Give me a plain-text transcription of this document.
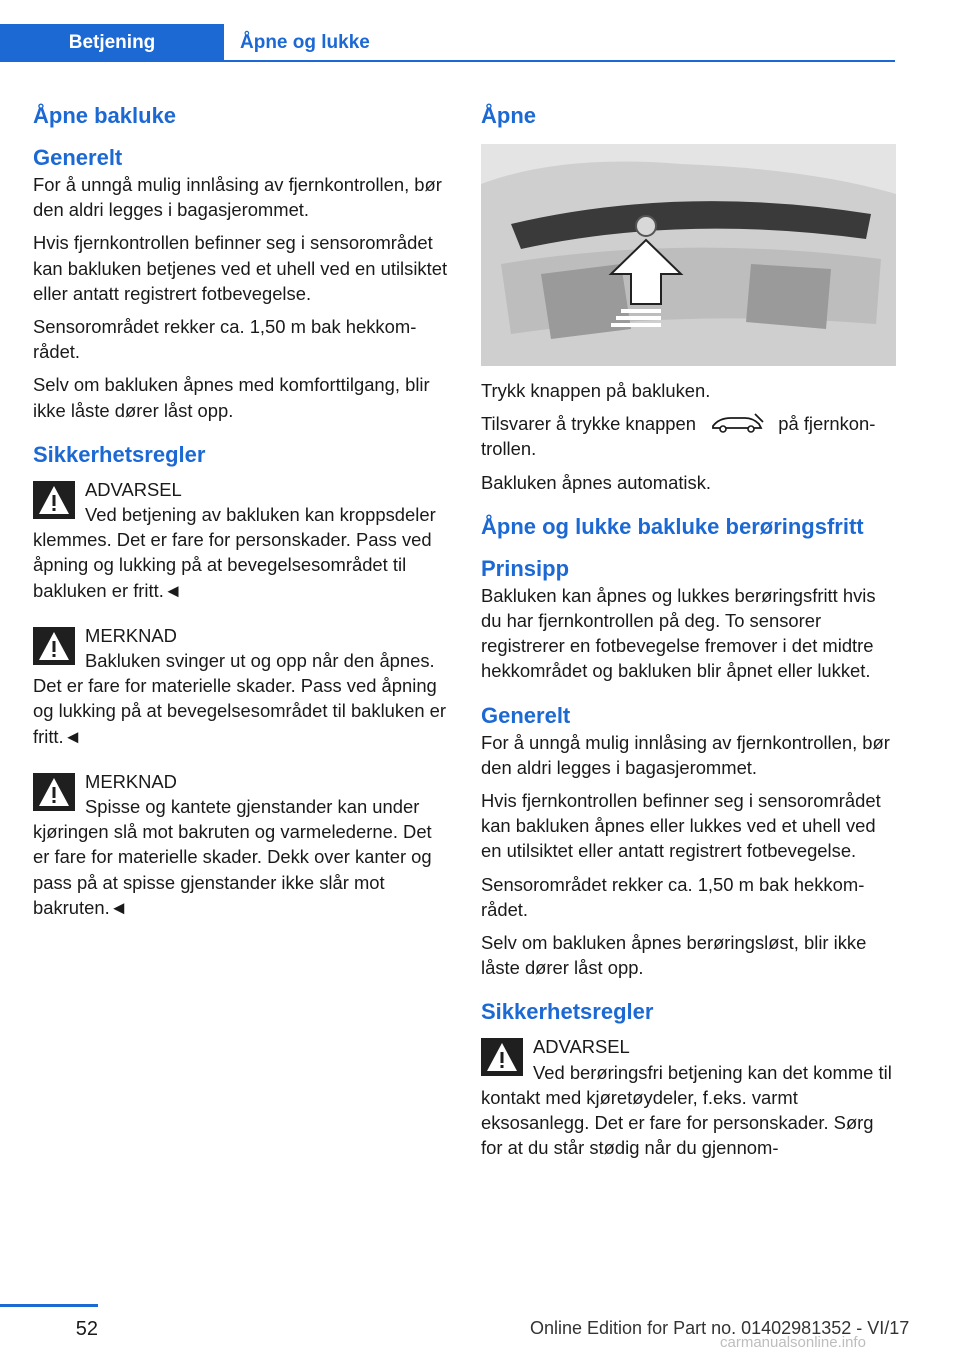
Betjening	Åpne og lukke
Åpne bakluke
Generelt

For å unngå mulig innlåsing av fjernkontrollen, bør den aldri legges i bagasjerommet.

Hvis fjernkontrollen befinner seg i sensorområdet kan bakluken betjenes ved et uhell ved en utilsiktet eller antatt registrert fotbevegelse.

Sensorområdet rekker ca. 1,50 m bak hekkområdet.

Selv om bakluken åpnes med komforttilgang, blir ikke låste dører låst opp.

Sikkerhetsregler
ADVARSEL
Ved betjening av bakluken kan kroppsdeler klemmes. Det er fare for personskader. Pass ved åpning og lukking på at bevegelsesområdet til bakluken er fritt.◄
MERKNAD
Bakluken svinger ut og opp når den åpnes. Det er fare for materielle skader. Pass ved åpning og lukking på at bevegelsesområdet til bakluken er fritt.◄
MERKNAD
Spisse og kantete gjenstander kan under kjøringen slå mot bakruten og varmelederne. Det er fare for materielle skader. Dekk over kanter og pass på at spisse gjenstander ikke slår mot bakruten.◄
Åpne

Trykk knappen på bakluken.

Tilsvarer å trykke knappen	på fjernkontrollen.

Bakluken åpnes automatisk.

Åpne og lukke bakluke berøringsfritt
Prinsipp

Bakluken kan åpnes og lukkes berøringsfritt hvis du har fjernkontrollen på deg. To sensorer registrerer en fotbevegelse fremover i det midtre hekkområdet og bakluken blir åpnet eller lukket.

Generelt

For å unngå mulig innlåsing av fjernkontrollen, bør den aldri legges i bagasjerommet.

Hvis fjernkontrollen befinner seg i sensorområdet kan bakluken åpnes eller lukkes ved et uhell ved en utilsiktet eller antatt registrert fotbevegelse.

Sensorområdet rekker ca. 1,50 m bak hekkområdet.

Selv om bakluken åpnes berøringsløst, blir ikke låste dører låst opp.

Sikkerhetsregler
ADVARSEL
Ved berøringsfri betjening kan det komme til kontakt med kjøretøydeler, f.eks. varmt eksosanlegg. Det er fare for personskader. Sørg for at du står stødig når du gjennom-
52	Online Edition for Part no. 01402981352 - VI/17
carmanualsonline.info
